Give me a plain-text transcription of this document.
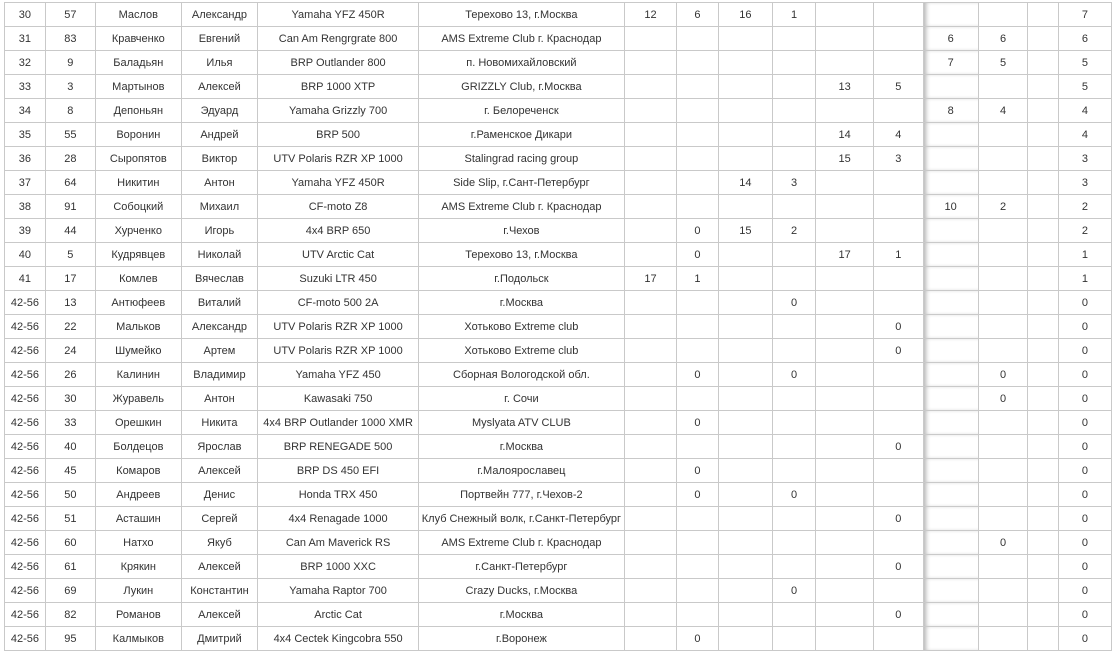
30	57	Маслов	Александр	Yamaha YFZ 450R	Терехово 13, г.Москва	12	6	16	1						7
31	83	Кравченко	Евгений	Can Am Rengrgrate 800	AMS Extreme Club г. Краснодар							6	6		6
32	9	Баладьян	Илья	BRP Outlander 800	п. Новомихайловский							7	5		5
33	3	Мартынов	Алексей	BRP 1000 XTP	GRIZZLY Club, г.Москва					13	5				5
34	8	Депоньян	Эдуард	Yamaha Grizzly 700	г. Белореченск							8	4		4
35	55	Воронин	Андрей	BRP 500	г.Раменское Дикари					14	4				4
36	28	Сыропятов	Виктор	UTV Polaris RZR XP 1000	Stalingrad racing group					15	3				3
37	64	Никитин	Антон	Yamaha YFZ 450R	Side Slip, г.Сант-Петербург			14	3						3
38	91	Собоцкий	Михаил	CF-moto Z8	AMS Extreme Club г. Краснодар							10	2		2
39	44	Хурченко	Игорь	4x4 BRP 650	г.Чехов		0	15	2						2
40	5	Кудрявцев	Николай	UTV Arctic Cat	Терехово 13, г.Москва		0			17	1				1
41	17	Комлев	Вячеслав	Suzuki LTR 450	г.Подольск	17	1								1
42-56	13	Антюфеев	Виталий	CF-moto 500 2A	г.Москва				0						0
42-56	22	Мальков	Александр	UTV Polaris RZR XP 1000	Хотьково Extreme club						0				0
42-56	24	Шумейко	Артем	UTV Polaris RZR XP 1000	Хотьково Extreme club						0				0
42-56	26	Калинин	Владимир	Yamaha YFZ 450	Сборная Вологодской обл.		0		0				0		0
42-56	30	Журавель	Антон	Kawasaki 750	г. Сочи								0		0
42-56	33	Орешкин	Никита	4x4 BRP Outlander 1000 XMR	Myslyata ATV CLUB		0								0
42-56	40	Болдецов	Ярослав	BRP RENEGADE 500	г.Москва						0				0
42-56	45	Комаров	Алексей	BRP DS 450 EFI	г.Малоярославец		0								0
42-56	50	Андреев	Денис	Honda TRX 450	Портвейн 777, г.Чехов-2		0		0						0
42-56	51	Асташин	Сергей	4x4 Renagade 1000	Клуб Снежный волк, г.Санкт-Петербург						0				0
42-56	60	Натхо	Якуб	Can Am Maverick RS	AMS Extreme Club г. Краснодар								0		0
42-56	61	Крякин	Алексей	BRP 1000 XXC	г.Санкт-Петербург						0				0
42-56	69	Лукин	Константин	Yamaha Raptor 700	Crazy Ducks, г.Москва				0						0
42-56	82	Романов	Алексей	Arctic Cat	г.Москва						0				0
42-56	95	Калмыков	Дмитрий	4x4 Cectek Kingcobra 550	г.Воронеж		0								0
